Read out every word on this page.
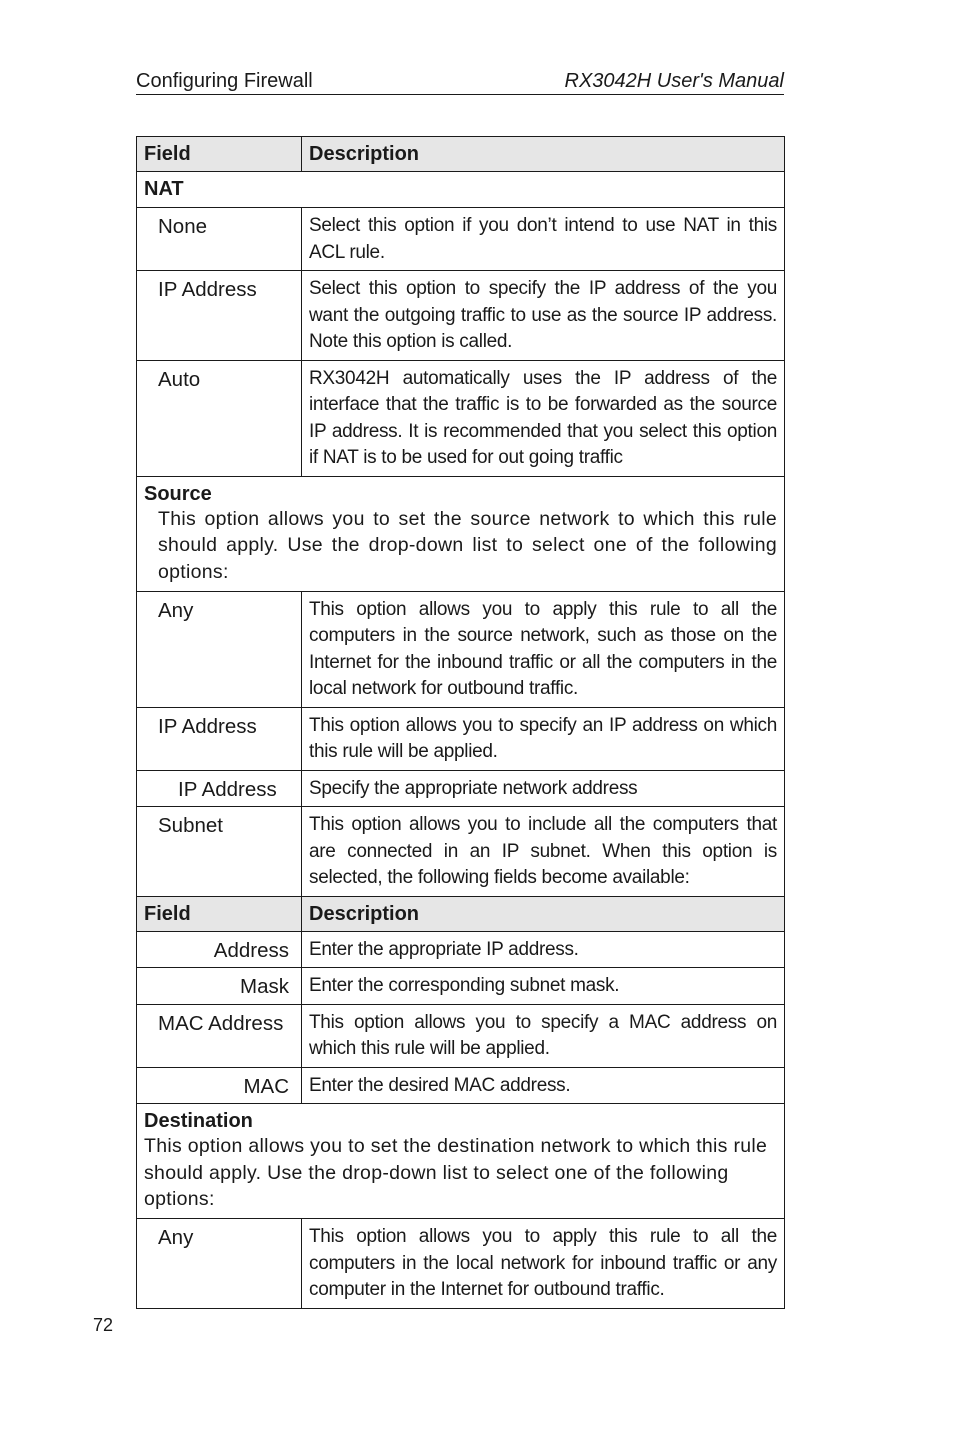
Configuring Firewall	RX3042H User's Manual
Field	Description

NAT	

None	Select this option if you don’t intend to use NAT in this ACL rule.

IP Address	Select this option to specify the IP address of the you want the outgoing traffic to use as the source IP address. Note this option is called.

Auto	RX3042H automatically uses the IP address of the interface that the traffic is to be forwarded as the source IP address. It is recommended that you select this option if NAT is to be used for out going traffic

Source
This option allows you to set the source network to which this rule should apply. Use the drop-down list to select one of the following options:	

Any	This option allows you to apply this rule to all the computers in the source network, such as those on the Internet for the inbound traffic or all the computers in the local network for outbound traffic.

IP Address	This option allows you to specify an IP address on which this rule will be applied.

IP Address	Specify the appropriate network address

Subnet	This option allows you to include all the computers that are connected in an IP subnet. When this option is selected, the following fields become available:

Field	Description

Address	Enter the appropriate IP address.

Mask	Enter the corresponding subnet mask.

MAC Address	This option allows you to specify a MAC address on which this rule will be applied.

MAC	Enter the desired MAC address.

Destination
This option allows you to set the destination network to which this rule should apply. Use the drop-down list to select one of the following options:	

Any	This option allows you to apply this rule to all the computers in the local network for inbound traffic or any computer in the Internet for outbound traffic.
72
